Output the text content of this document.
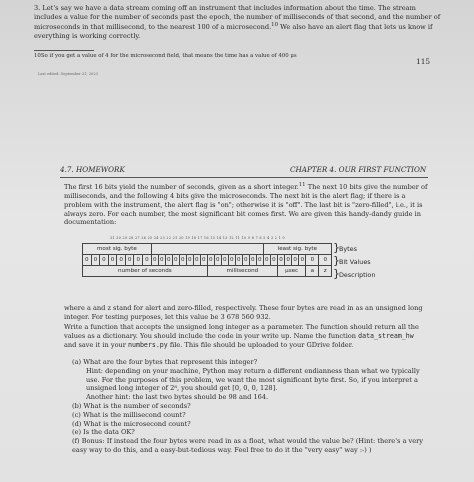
3. Let's say we have a data stream coming off an instrument that includes information about the time. The stream includes a value for the number of seconds past the epoch, the number of milliseconds of that second, and the number of microseconds in that millisecond, to the nearest 100 of a microsecond.$^{10}$ We also have an alert flag that lets us know if everything is working correctly.

10So if you get a value of 4 for the microsecond field, that means the time has a value of 400 μs

115

Last edited: September 21, 2023

4.7. HOMEWORK	CHAPTER 4. OUR FIRST FUNCTION

The first 16 bits yield the number of seconds, given as a short integer.$^{11}$ The next 10 bits give the number of milliseconds, and the following 4 bits give the microseconds. The next bit is the alert flag; if there is a problem with the instrument, the alert flag is "on"; otherwise it is "off". The last bit is "zero-filled", i.e., it is always zero. For each number, the most significant bit comes first. We are given this handy-dandy guide in documentation:

31 30 29 28 27 26 25 24 23 22 21 20 19 18 17 16 15 14 13 12 11 10 9 8 7 6 5 4 3 2 1 0
most sig. byte																								least sig. byte							
0	0	0	0	0	0	0	0	0	0	0	0	0	0	0	0	0	0	0	0	0	0	0	0	0	0	0	0	0	0	0	0
number of seconds																millisecond										μsec				a	z
} Bytes
} Bit Values
} Description

where a and z stand for alert and zero-filled, respectively. These four bytes are read in as an unsigned long integer. For testing purposes, let this value be 3 678 560 932.

Write a function that accepts the unsigned long integer as a parameter. The function should return all the values as a dictionary. You should include the code in your write up. Name the function data_stream_hw and save it in your numbers.py file. This file should be uploaded to your GDrive folder.

(a) What are the four bytes that represent this integer?
Hint: depending on your machine, Python may return a different endianness than what we typically use. For the purposes of this problem, we want the most significant byte first. So, if you interpret a unsigned long integer of 2⁸, you should get [0, 0, 0, 128].
Another hint: the last two bytes should be 98 and 164.
(b) What is the number of seconds?
(c) What is the millisecond count?
(d) What is the microsecond count?
(e) Is the data OK?
(f) Bonus: If instead the four bytes were read in as a float, what would the value be? (Hint: there's a very easy way to do this, and a easy-but-tedious way. Feel free to do it the "very easy" way :-) )
